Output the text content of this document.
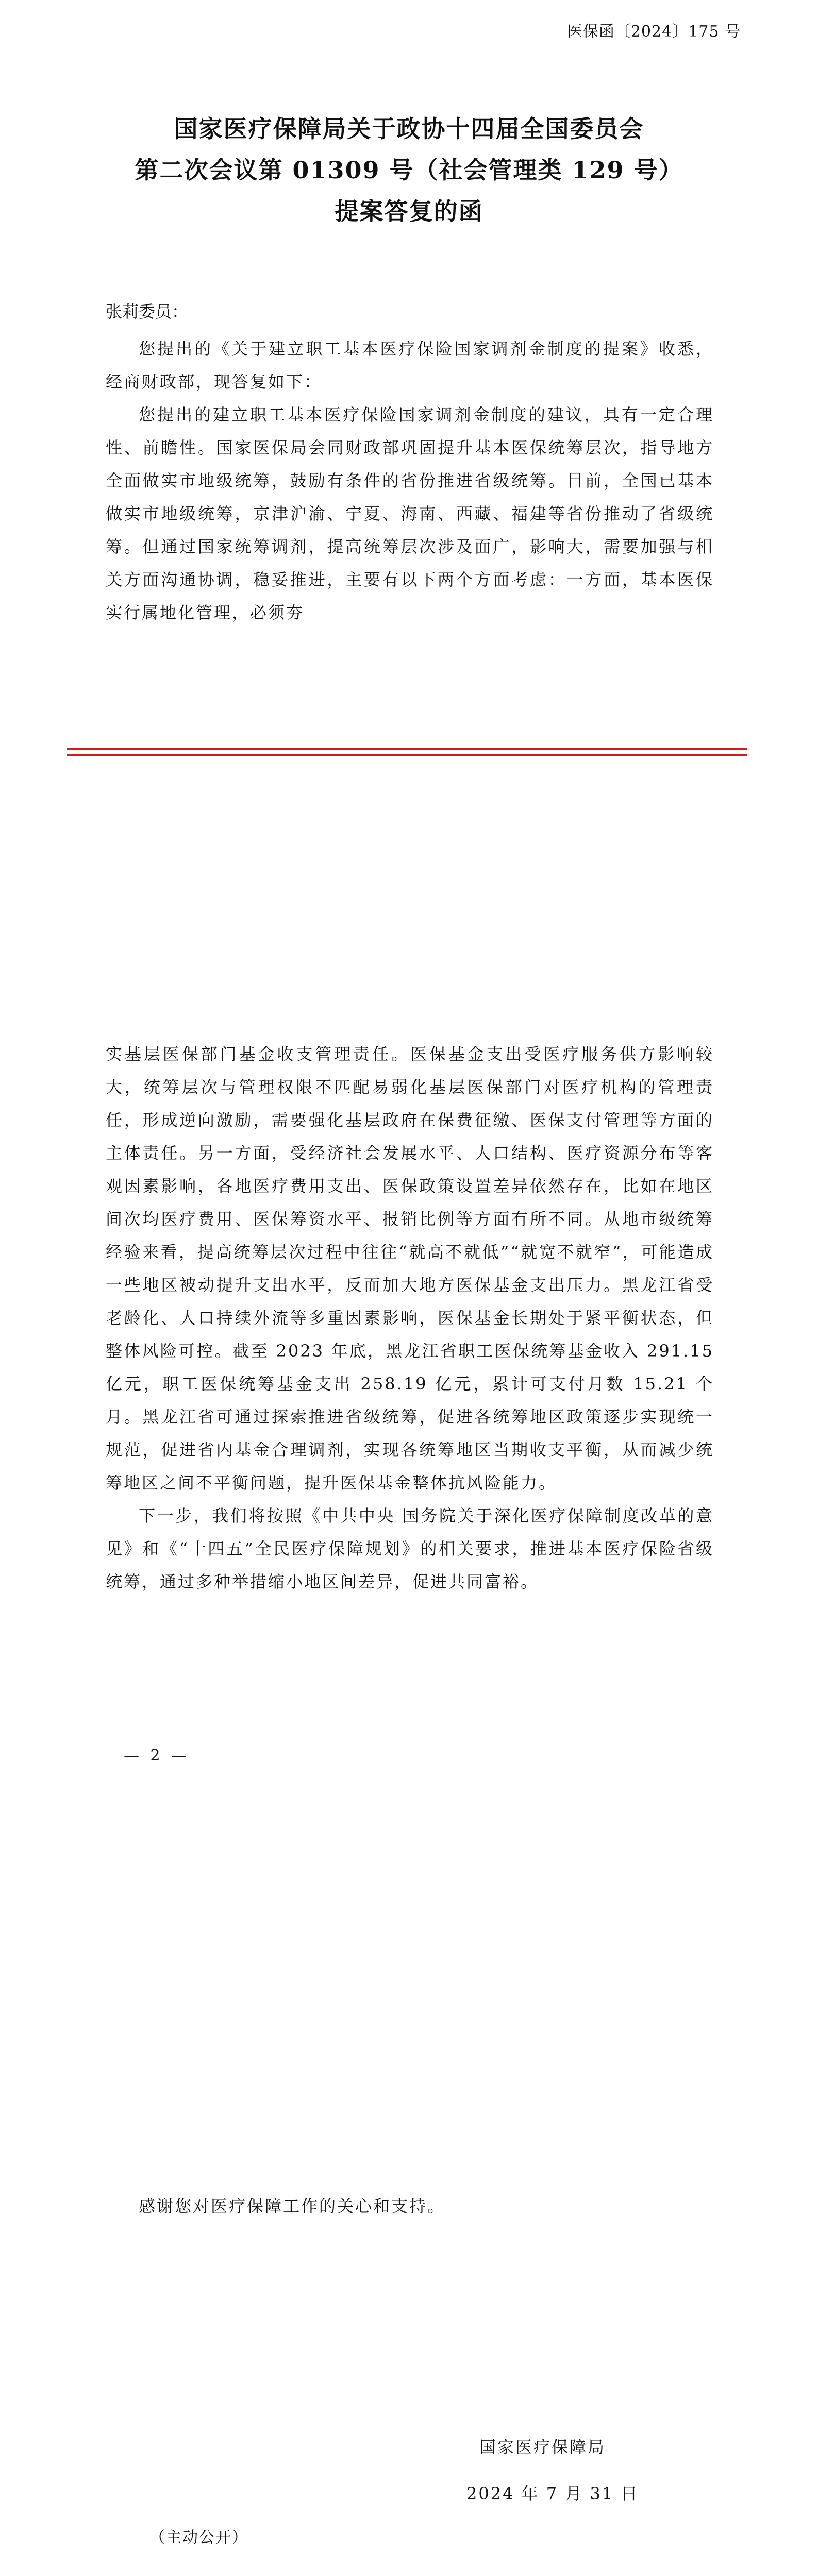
医保函〔2024〕175 号
国家医疗保障局关于政协十四届全国委员会
第二次会议第 01309 号（社会管理类 129 号）
提案答复的函
张莉委员：

您提出的《关于建立职工基本医疗保险国家调剂金制度的提案》收悉，经商财政部，现答复如下：

您提出的建立职工基本医疗保险国家调剂金制度的建议，具有一定合理性、前瞻性。国家医保局会同财政部巩固提升基本医保统筹层次，指导地方全面做实市地级统筹，鼓励有条件的省份推进省级统筹。目前，全国已基本做实市地级统筹，京津沪渝、宁夏、海南、西藏、福建等省份推动了省级统筹。但通过国家统筹调剂，提高统筹层次涉及面广，影响大，需要加强与相关方面沟通协调，稳妥推进，主要有以下两个方面考虑：一方面，基本医保实行属地化管理，必须夯

实基层医保部门基金收支管理责任。医保基金支出受医疗服务供方影响较大，统筹层次与管理权限不匹配易弱化基层医保部门对医疗机构的管理责任，形成逆向激励，需要强化基层政府在保费征缴、医保支付管理等方面的主体责任。另一方面，受经济社会发展水平、人口结构、医疗资源分布等客观因素影响，各地医疗费用支出、医保政策设置差异依然存在，比如在地区间次均医疗费用、医保筹资水平、报销比例等方面有所不同。从地市级统筹经验来看，提高统筹层次过程中往往“就高不就低”“就宽不就窄”，可能造成一些地区被动提升支出水平，反而加大地方医保基金支出压力。黑龙江省受老龄化、人口持续外流等多重因素影响，医保基金长期处于紧平衡状态，但整体风险可控。截至 2023 年底，黑龙江省职工医保统筹基金收入 291.15 亿元，职工医保统筹基金支出 258.19 亿元，累计可支付月数 15.21 个月。黑龙江省可通过探索推进省级统筹，促进各统筹地区政策逐步实现统一规范，促进省内基金合理调剂，实现各统筹地区当期收支平衡，从而减少统筹地区之间不平衡问题，提升医保基金整体抗风险能力。

下一步，我们将按照《中共中央 国务院关于深化医疗保障制度改革的意见》和《“十四五”全民医疗保障规划》的相关要求，推进基本医疗保险省级统筹，通过多种举措缩小地区间差异，促进共同富裕。

— 2 —
感谢您对医疗保障工作的关心和支持。
国家医疗保障局
2024 年 7 月 31 日
（主动公开）
